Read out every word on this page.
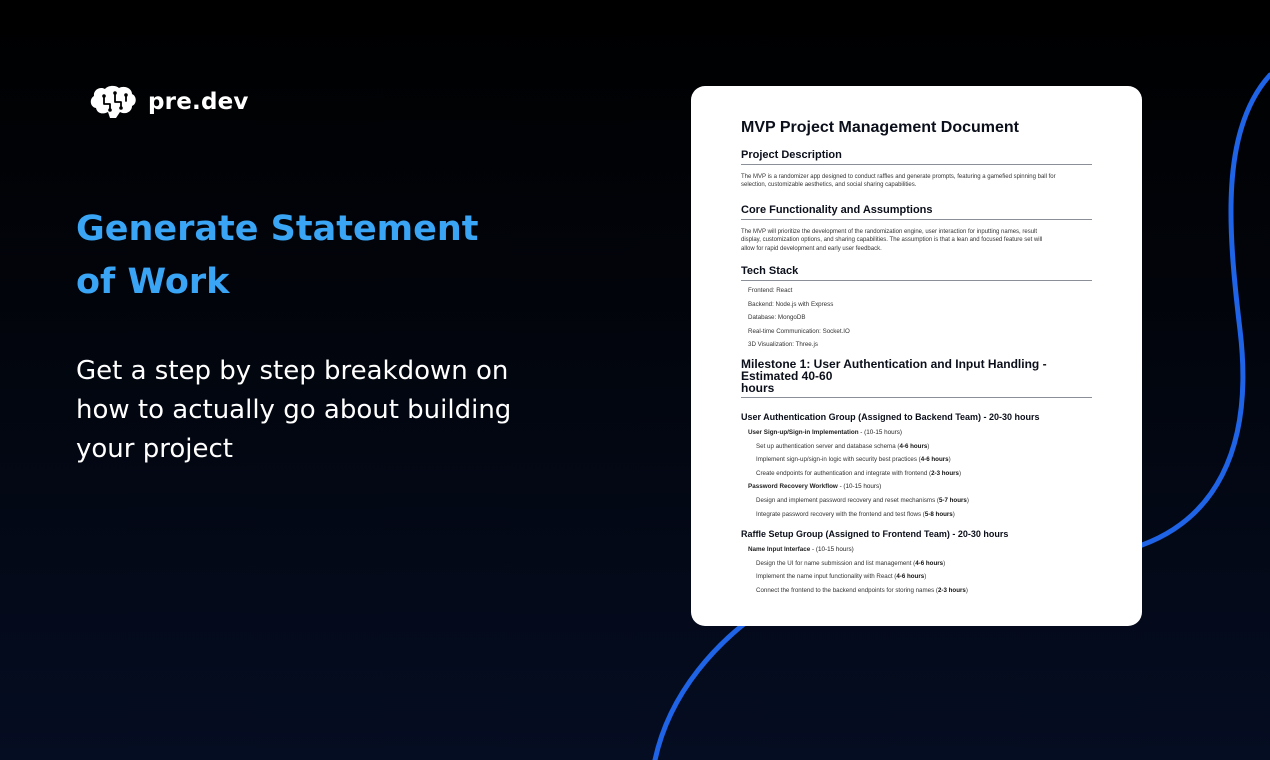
pre.dev
Generate Statement
of Work

Get a step by step breakdown on
how to actually go about building
your project

MVP Project Management Document
Project Description
The MVP is a randomizer app designed to conduct raffles and generate prompts, featuring a gamefied spinning ball for
selection, customizable aesthetics, and social sharing capabilities.
Core Functionality and Assumptions
The MVP will prioritize the development of the randomization engine, user interaction for inputting names, result
display, customization options, and sharing capabilities. The assumption is that a lean and focused feature set will
allow for rapid development and early user feedback.
Tech Stack
Frontend: React
Backend: Node.js with Express
Database: MongoDB
Real-time Communication: Socket.IO
3D Visualization: Three.js
Milestone 1: User Authentication and Input Handling - Estimated 40-60
hours
User Authentication Group (Assigned to Backend Team) - 20-30 hours
User Sign-up/Sign-in Implementation - (10-15 hours)
Set up authentication server and database schema (4-6 hours)
Implement sign-up/sign-in logic with security best practices (4-6 hours)
Create endpoints for authentication and integrate with frontend (2-3 hours)
Password Recovery Workflow - (10-15 hours)
Design and implement password recovery and reset mechanisms (5-7 hours)
Integrate password recovery with the frontend and test flows (5-8 hours)
Raffle Setup Group (Assigned to Frontend Team) - 20-30 hours
Name Input Interface - (10-15 hours)
Design the UI for name submission and list management (4-6 hours)
Implement the name input functionality with React (4-6 hours)
Connect the frontend to the backend endpoints for storing names (2-3 hours)
